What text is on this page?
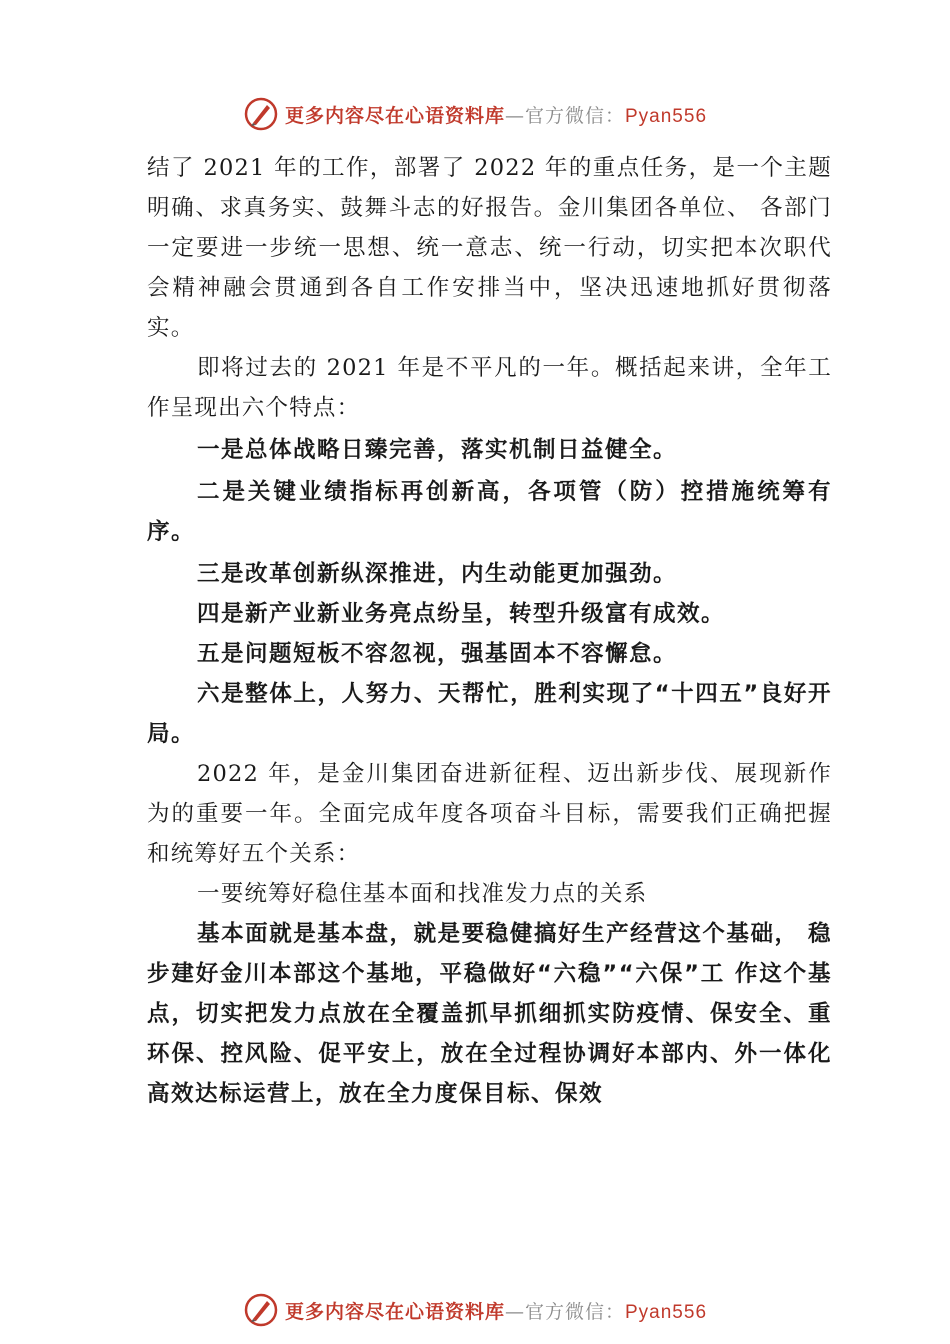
更多内容尽在心语资料库—官方微信：Pyan556

结了 2021 年的工作，部署了 2022 年的重点任务，是一个主题明确、求真务实、鼓舞斗志的好报告。金川集团各单位、 各部门一定要进一步统一思想、统一意志、统一行动，切实把本次职代会精神融会贯通到各自工作安排当中，坚决迅速地抓好贯彻落实。

即将过去的 2021 年是不平凡的一年。概括起来讲，全年工作呈现出六个特点：

一是总体战略日臻完善，落实机制日益健全。

二是关键业绩指标再创新高，各项管（防）控措施统筹有序。

三是改革创新纵深推进，内生动能更加强劲。

四是新产业新业务亮点纷呈，转型升级富有成效。

五是问题短板不容忽视，强基固本不容懈怠。

六是整体上，人努力、天帮忙，胜利实现了“十四五”良好开局。

2022 年，是金川集团奋进新征程、迈出新步伐、展现新作为的重要一年。全面完成年度各项奋斗目标，需要我们正确把握和统筹好五个关系：

一要统筹好稳住基本面和找准发力点的关系

基本面就是基本盘，就是要稳健搞好生产经营这个基础， 稳步建好金川本部这个基地，平稳做好“六稳”“六保”工 作这个基点，切实把发力点放在全覆盖抓早抓细抓实防疫情、保安全、重环保、控风险、促平安上，放在全过程协调好本部内、外一体化高效达标运营上，放在全力度保目标、保效

更多内容尽在心语资料库—官方微信：Pyan556
